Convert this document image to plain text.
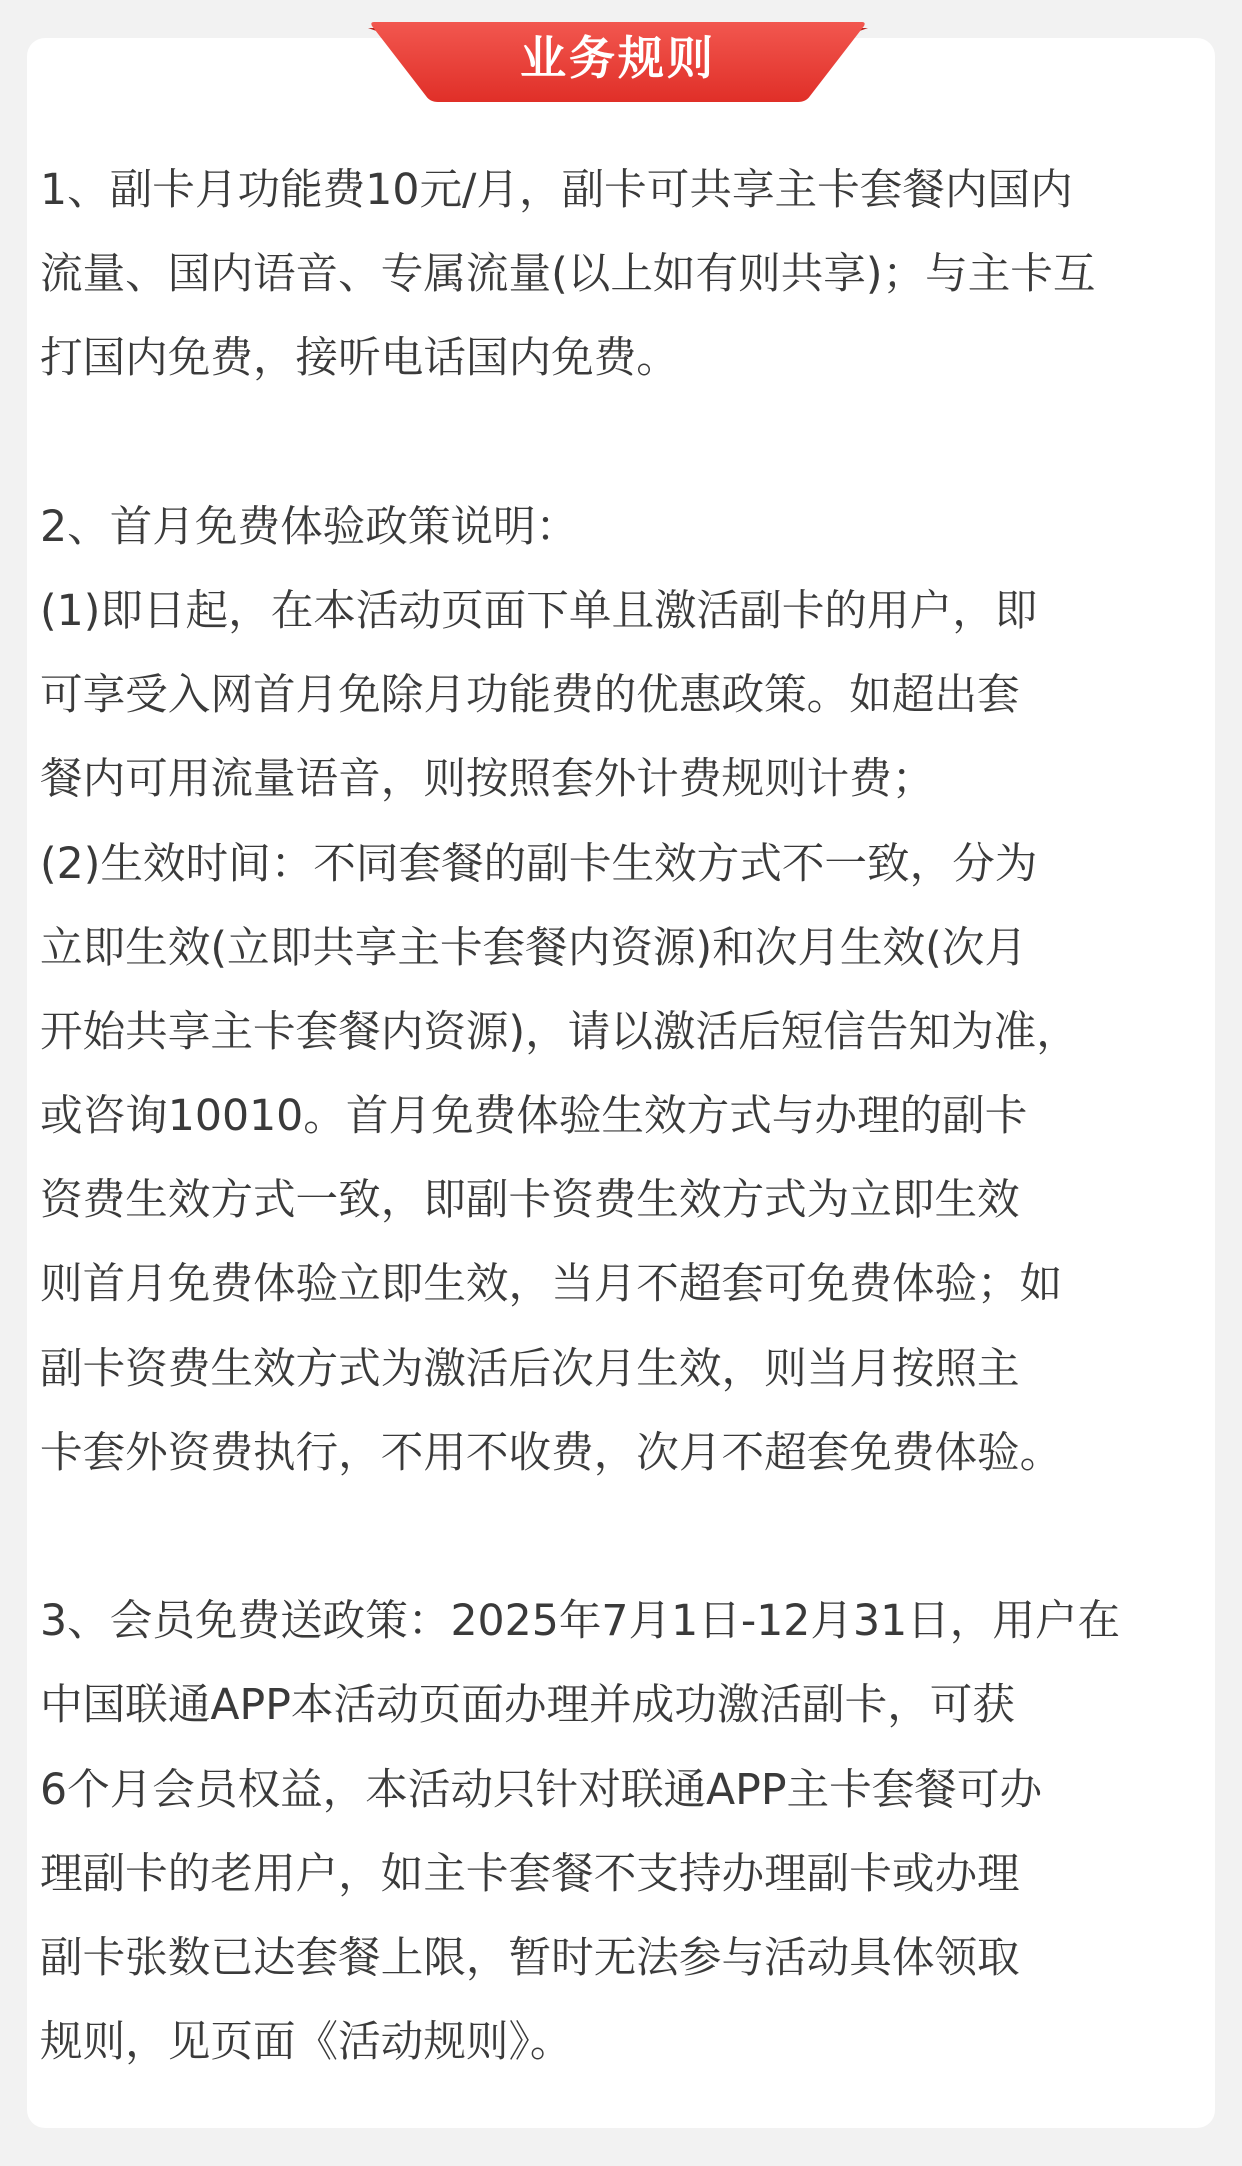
业务规则
1、副卡月功能费10元/月，副卡可共享主卡套餐内国内
流量、国内语音、专属流量(以上如有则共享)；与主卡互
打国内免费，接听电话国内免费。
2、首月免费体验政策说明：
(1)即日起，在本活动页面下单且激活副卡的用户，即
可享受入网首月免除月功能费的优惠政策。如超出套
餐内可用流量语音，则按照套外计费规则计费；
(2)生效时间：不同套餐的副卡生效方式不一致，分为
立即生效(立即共享主卡套餐内资源)和次月生效(次月
开始共享主卡套餐内资源)，请以激活后短信告知为准，
或咨询10010。首月免费体验生效方式与办理的副卡
资费生效方式一致，即副卡资费生效方式为立即生效
则首月免费体验立即生效，当月不超套可免费体验；如
副卡资费生效方式为激活后次月生效，则当月按照主
卡套外资费执行，不用不收费，次月不超套免费体验。
3、会员免费送政策：2025年7月1日-12月31日，用户在
中国联通APP本活动页面办理并成功激活副卡，可获
6个月会员权益，本活动只针对联通APP主卡套餐可办
理副卡的老用户，如主卡套餐不支持办理副卡或办理
副卡张数已达套餐上限，暂时无法参与活动具体领取
规则，见页面《活动规则》。
